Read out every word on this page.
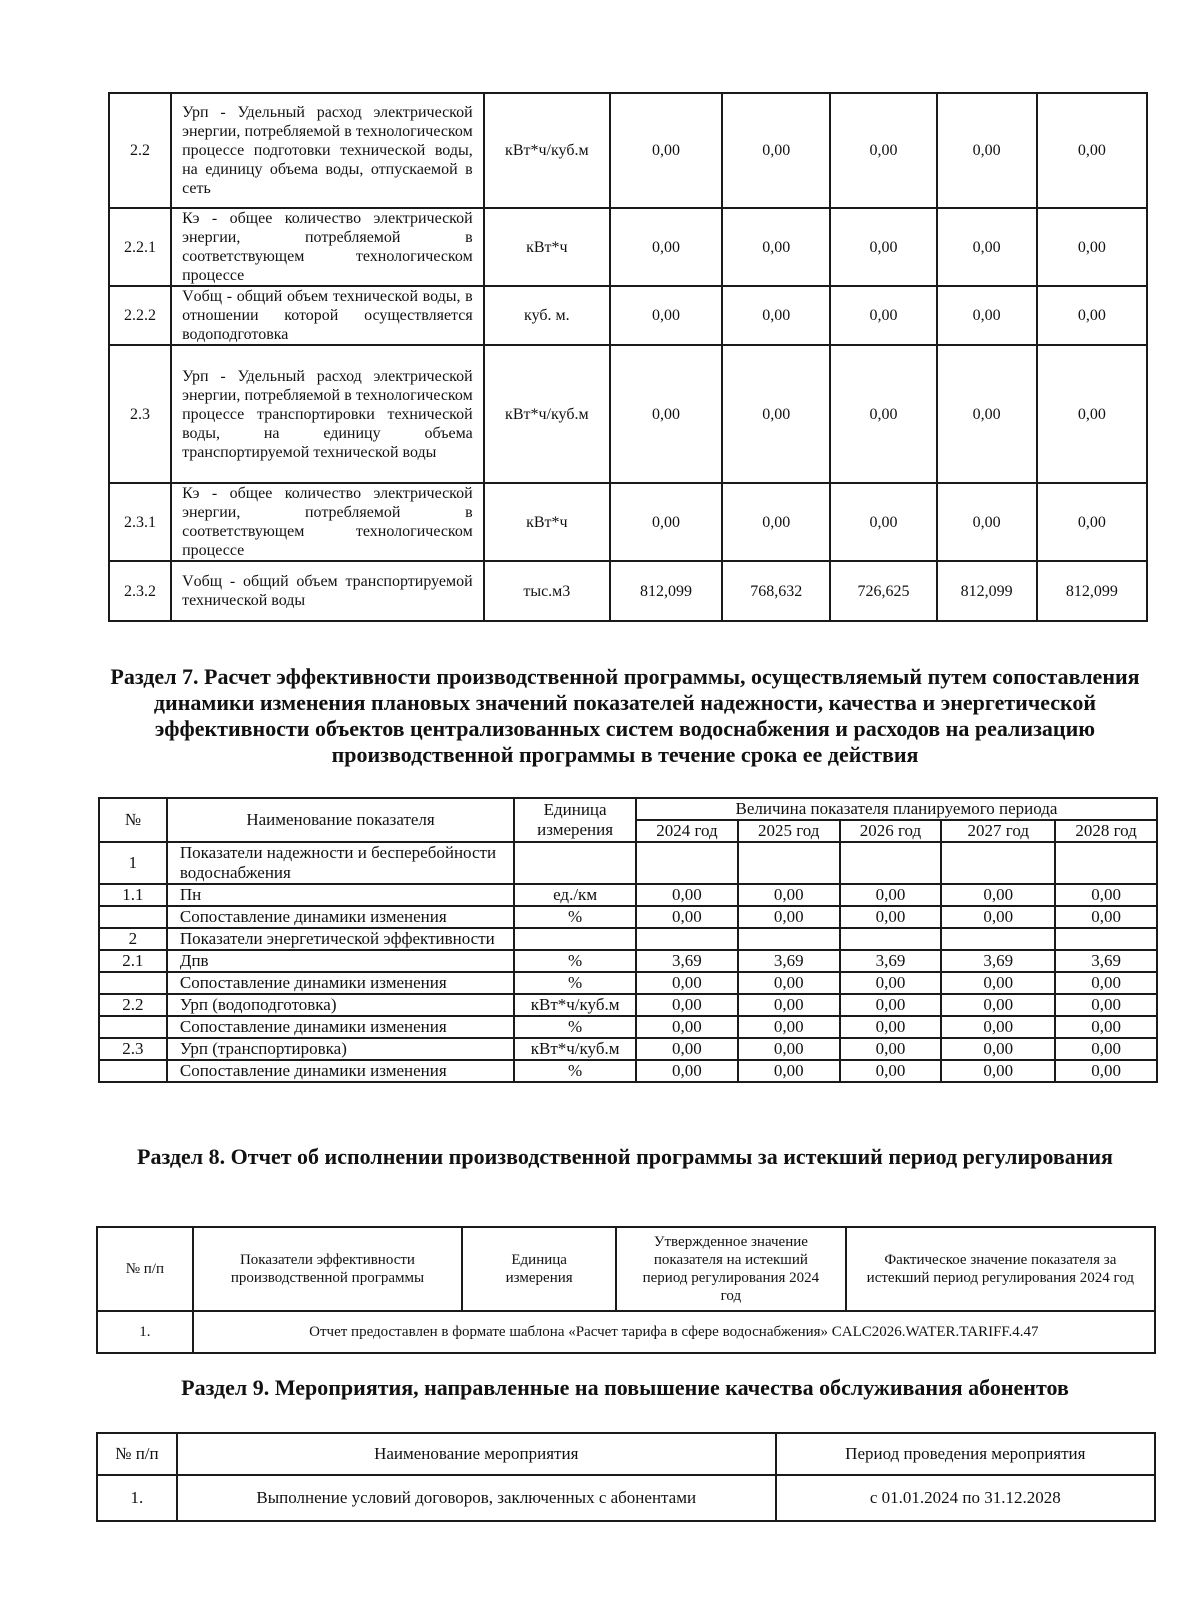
2.2	Урп - Удельный расход электрической энергии, потребляемой в технологическом процессе подготовки технической воды, на единицу объема воды, отпускаемой в сеть	кВт*ч/куб.м	0,00	0,00	0,00	0,00	0,00
2.2.1	Кэ - общее количество электрической энергии, потребляемой в соответствующем технологическом процессе	кВт*ч	0,00	0,00	0,00	0,00	0,00
2.2.2	Vобщ - общий объем технической воды, в отношении которой осуществляется водоподготовка	куб. м.	0,00	0,00	0,00	0,00	0,00
2.3	Урп - Удельный расход электрической энергии, потребляемой в технологическом процессе транспортировки технической воды, на единицу объема транспортируемой технической воды	кВт*ч/куб.м	0,00	0,00	0,00	0,00	0,00
2.3.1	Кэ - общее количество электрической энергии, потребляемой в соответствующем технологическом процессе	кВт*ч	0,00	0,00	0,00	0,00	0,00
2.3.2	Vобщ - общий объем транспортируемой технической воды	тыс.м3	812,099	768,632	726,625	812,099	812,099
Раздел 7. Расчет эффективности производственной программы, осуществляемый путем сопоставления динамики изменения плановых значений показателей надежности, качества и энергетической эффективности объектов централизованных систем водоснабжения и расходов на реализацию производственной программы в течение срока ее действия
№	Наименование показателя	Единица измерения	Величина показателя планируемого периода				
			2024 год	2025 год	2026 год	2027 год	2028 год
1	Показатели надежности и бесперебойности водоснабжения						
1.1	Пн	ед./км	0,00	0,00	0,00	0,00	0,00
	Сопоставление динамики изменения	%	0,00	0,00	0,00	0,00	0,00
2	Показатели энергетической эффективности						
2.1	Дпв	%	3,69	3,69	3,69	3,69	3,69
	Сопоставление динамики изменения	%	0,00	0,00	0,00	0,00	0,00
2.2	Урп (водоподготовка)	кВт*ч/куб.м	0,00	0,00	0,00	0,00	0,00
	Сопоставление динамики изменения	%	0,00	0,00	0,00	0,00	0,00
2.3	Урп (транспортировка)	кВт*ч/куб.м	0,00	0,00	0,00	0,00	0,00
	Сопоставление динамики изменения	%	0,00	0,00	0,00	0,00	0,00
Раздел 8. Отчет об исполнении производственной программы за истекший период регулирования
№ п/п	Показатели эффективности производственной программы	Единица измерения	Утвержденное значение показателя на истекший период регулирования 2024 год	Фактическое значение показателя за истекший период регулирования 2024 год
1.	Отчет предоставлен в формате шаблона «Расчет тарифа в сфере водоснабжения» CALC2026.WATER.TARIFF.4.47			
Раздел 9. Мероприятия, направленные на повышение качества обслуживания абонентов
№ п/п	Наименование мероприятия	Период проведения мероприятия
1.	Выполнение условий договоров, заключенных с абонентами	с 01.01.2024 по 31.12.2028
